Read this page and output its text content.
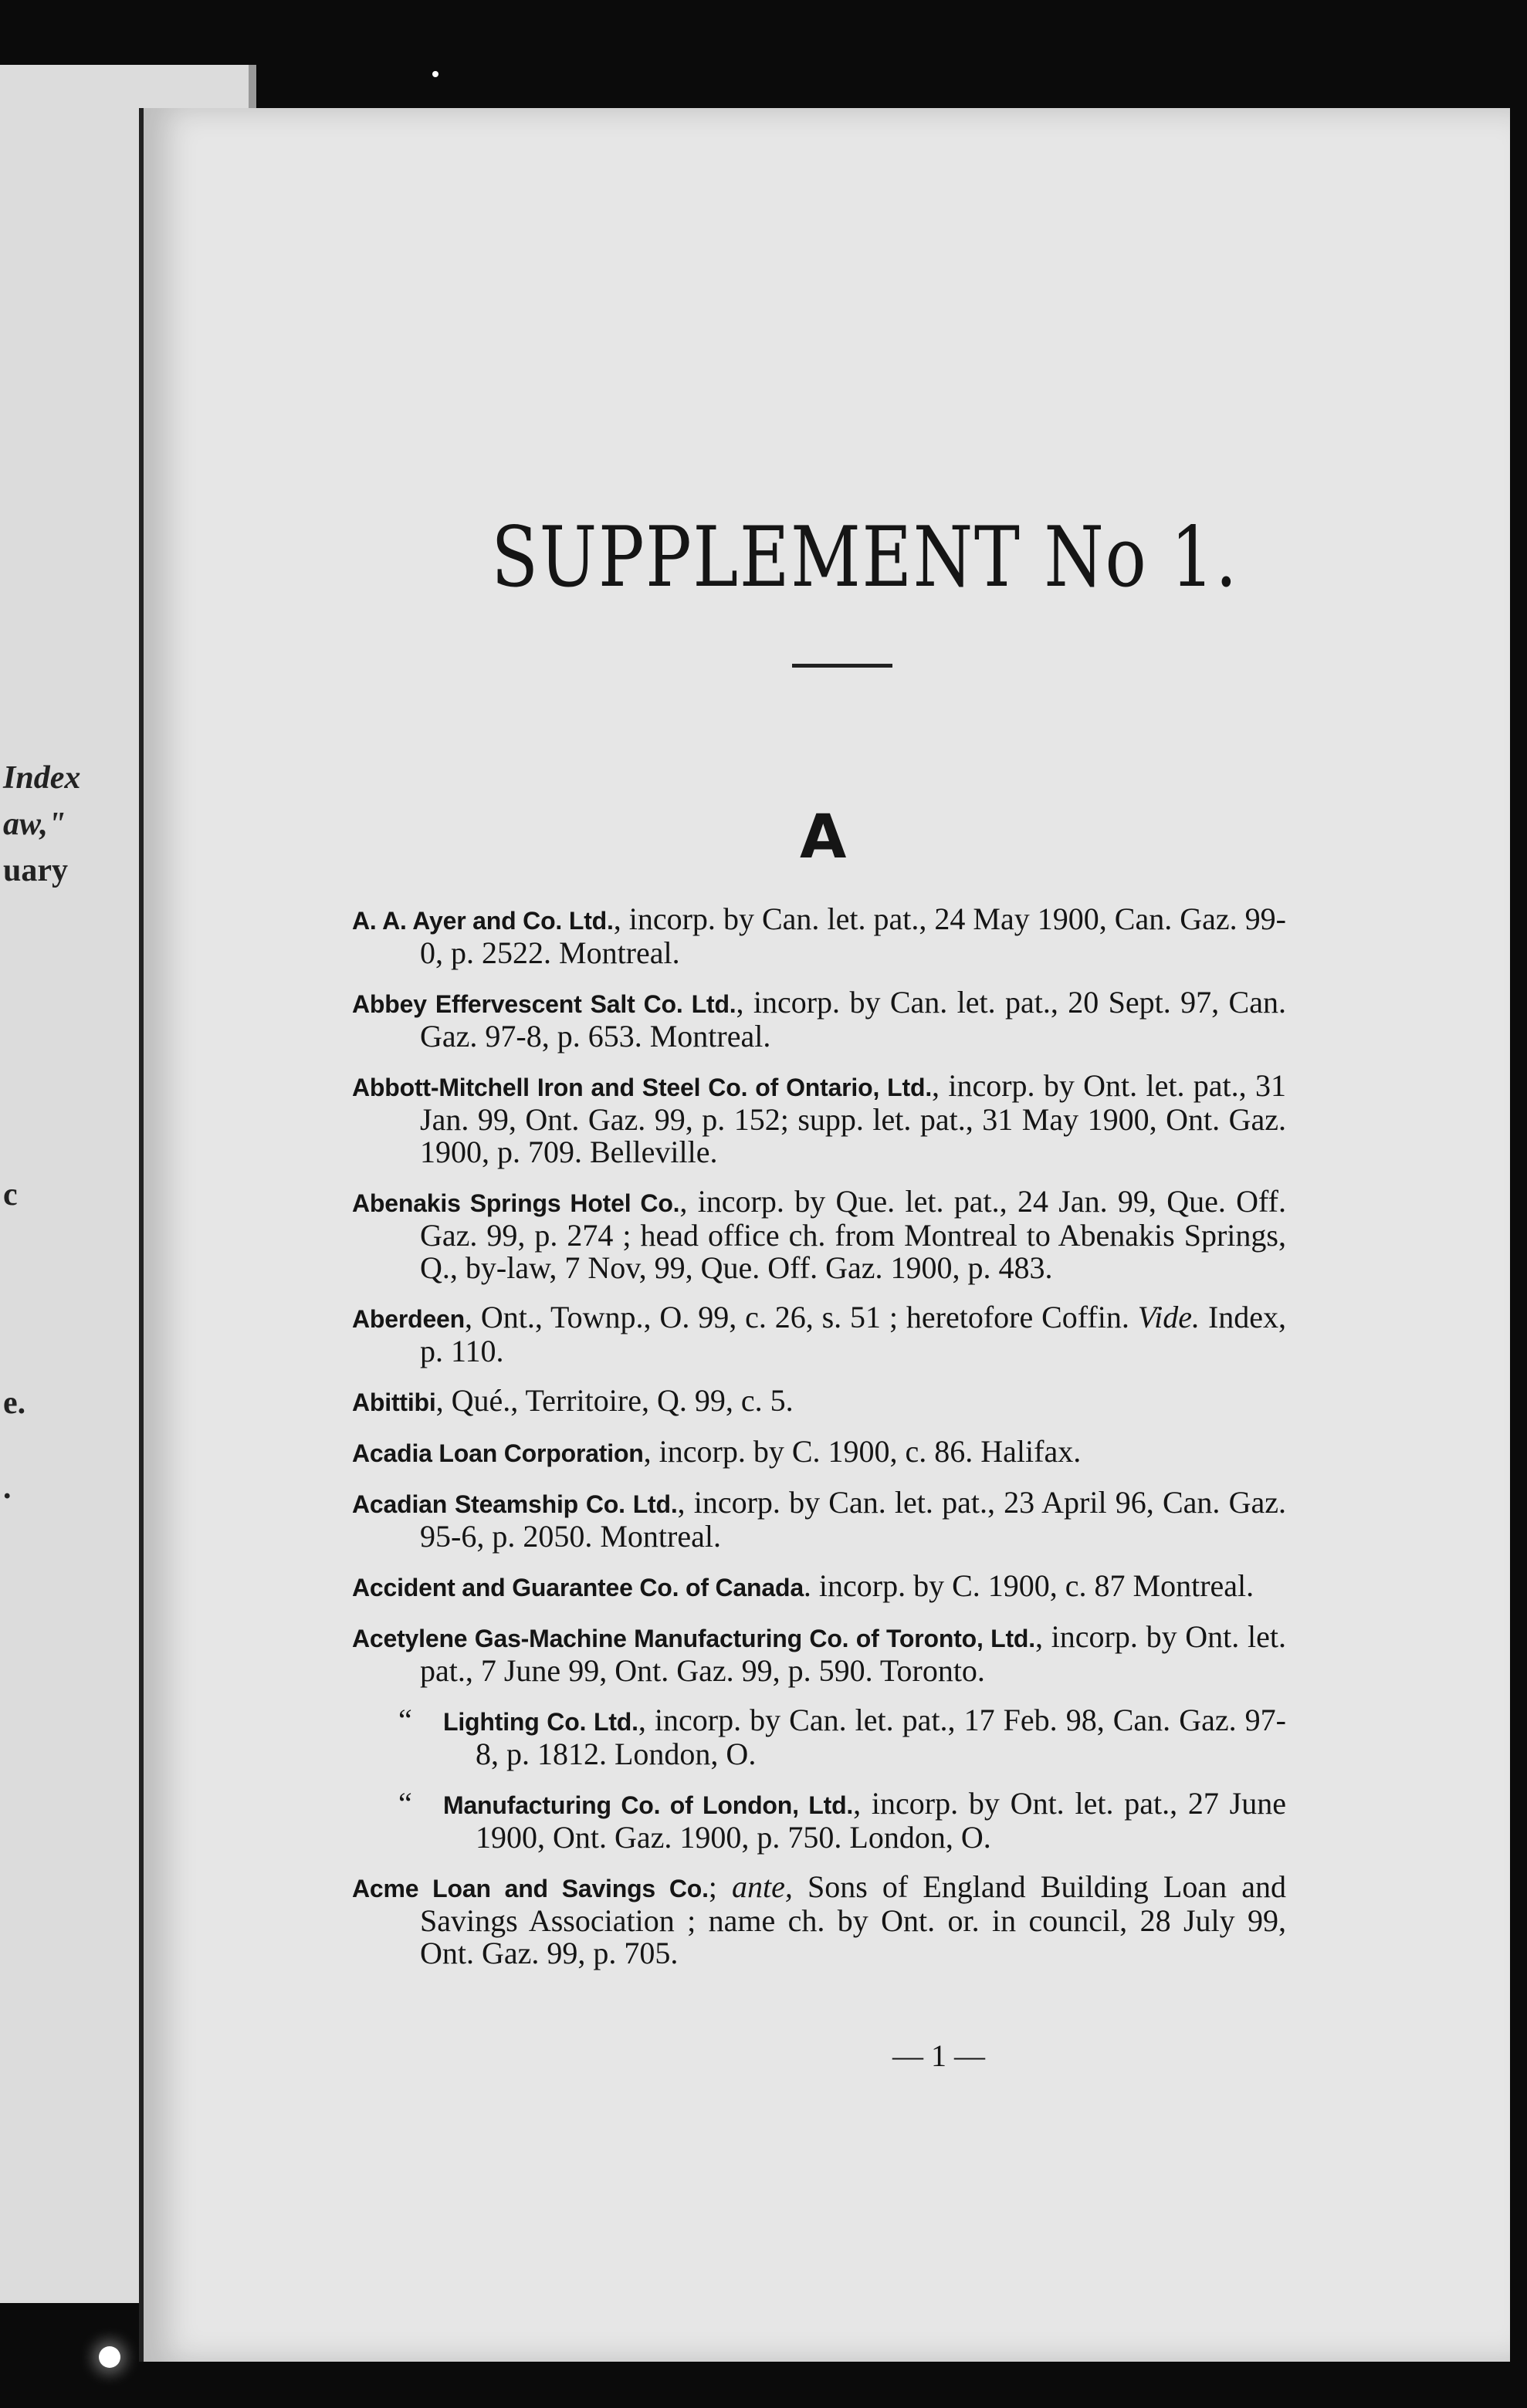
Index
aw,"
uary
c
e.
.
SUPPLEMENT No 1.
A

A. A. Ayer and Co. Ltd., incorp. by Can. let. pat., 24 May 1900, Can. Gaz. 99-0, p. 2522. Montreal.

Abbey Effervescent Salt Co. Ltd., incorp. by Can. let. pat., 20 Sept. 97, Can. Gaz. 97-8, p. 653. Montreal.

Abbott-Mitchell Iron and Steel Co. of Ontario, Ltd., incorp. by Ont. let. pat., 31 Jan. 99, Ont. Gaz. 99, p. 152; supp. let. pat., 31 May 1900, Ont. Gaz. 1900, p. 709. Belleville.

Abenakis Springs Hotel Co., incorp. by Que. let. pat., 24 Jan. 99, Que. Off. Gaz. 99, p. 274 ; head office ch. from Montreal to Abenakis Springs, Q., by-law, 7 Nov, 99, Que. Off. Gaz. 1900, p. 483.

Aberdeen, Ont., Townp., O. 99, c. 26, s. 51 ; heretofore Coffin. Vide. Index, p. 110.

Abittibi, Qué., Territoire, Q. 99, c. 5.

Acadia Loan Corporation, incorp. by C. 1900, c. 86. Halifax.

Acadian Steamship Co. Ltd., incorp. by Can. let. pat., 23 April 96, Can. Gaz. 95-6, p. 2050. Montreal.

Accident and Guarantee Co. of Canada. incorp. by C. 1900, c. 87 Montreal.

Acetylene Gas-Machine Manufacturing Co. of Toronto, Ltd., incorp. by Ont. let. pat., 7 June 99, Ont. Gaz. 99, p. 590. Toronto.

“ Lighting Co. Ltd., incorp. by Can. let. pat., 17 Feb. 98, Can. Gaz. 97-8, p. 1812. London, O.

“ Manufacturing Co. of London, Ltd., incorp. by Ont. let. pat., 27 June 1900, Ont. Gaz. 1900, p. 750. London, O.

Acme Loan and Savings Co.; ante, Sons of England Building Loan and Savings Association ; name ch. by Ont. or. in council, 28 July 99, Ont. Gaz. 99, p. 705.

— 1 —
